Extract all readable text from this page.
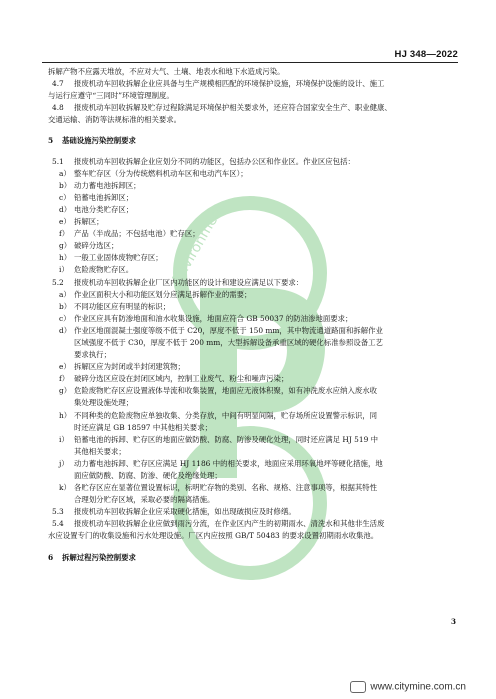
Environment
HJ 348—2022

拆解产物不应露天堆放，不应对大气、土壤、地表水和地下水造成污染。

4.7 报废机动车回收拆解企业应具备与生产规模相匹配的环境保护设施，环境保护设施的设计、施工

与运行应遵守“三同时”环境管理制度。

4.8 报废机动车回收拆解及贮存过程除满足环境保护相关要求外，还应符合国家安全生产、职业健康、

交通运输、消防等法规标准的相关要求。

5 基础设施污染控制要求

5.1 报废机动车回收拆解企业应划分不同的功能区，包括办公区和作业区。作业区应包括：

a） 整车贮存区（分为传统燃料机动车区和电动汽车区）；

b） 动力蓄电池拆卸区；

c） 铅蓄电池拆卸区；

d） 电池分类贮存区；

e） 拆解区；

f） 产品（半成品；不包括电池）贮存区；

g） 破碎分选区；

h） 一般工业固体废物贮存区；

i） 危险废物贮存区。

5.2 报废机动车回收拆解企业厂区内功能区的设计和建设应满足以下要求：

a） 作业区面积大小和功能区划分应满足拆解作业的需要；

b） 不同功能区应有明显的标识；

c） 作业区应具有防渗地面和油水收集设施，地面应符合 GB 50037 的防油渗地面要求；

d） 作业区地面混凝土强度等级不低于 C20，厚度不低于 150 mm，其中物流通道路面和拆解作业

区域强度不低于 C30，厚度不低于 200 mm，大型拆解设备承重区域的硬化标准参照设备工艺

要求执行；

e） 拆解区应为封闭或半封闭建筑物；

f） 破碎分选区应设在封闭区域内，控制工业废气、粉尘和噪声污染；

g） 危险废物贮存区应设置液体导流和收集装置，地面应无液体积聚，如有冲洗废水应纳入废水收

集处理设施处理；

h） 不同种类的危险废物应单独收集、分类存放，中间有明显间隔，贮存场所应设置警示标识，同

时还应满足 GB 18597 中其他相关要求；

i） 铅蓄电池的拆卸、贮存区的地面应做防酸、防腐、防渗及硬化处理，同时还应满足 HJ 519 中

其他相关要求；

j） 动力蓄电池拆卸、贮存区应满足 HJ 1186 中的相关要求，地面应采用环氧地坪等硬化措施，地

面应做防酸、防腐、防渗、硬化及绝缘处理；

k） 各贮存区应在显著位置设置标识，标明贮存物的类别、名称、规格、注意事项等，根据其特性

合理划分贮存区域，采取必要的隔离措施。

5.3 报废机动车回收拆解企业应采取硬化措施，如出现破损应及时修缮。

5.4 报废机动车回收拆解企业应做到雨污分流，在作业区内产生的初期雨水、清洗水和其他非生活废

水应设置专门的收集设施和污水处理设施。厂区内应按照 GB/T 50483 的要求设置初期雨水收集池。

6 拆解过程污染控制要求

3
www.citymine.com.cn
